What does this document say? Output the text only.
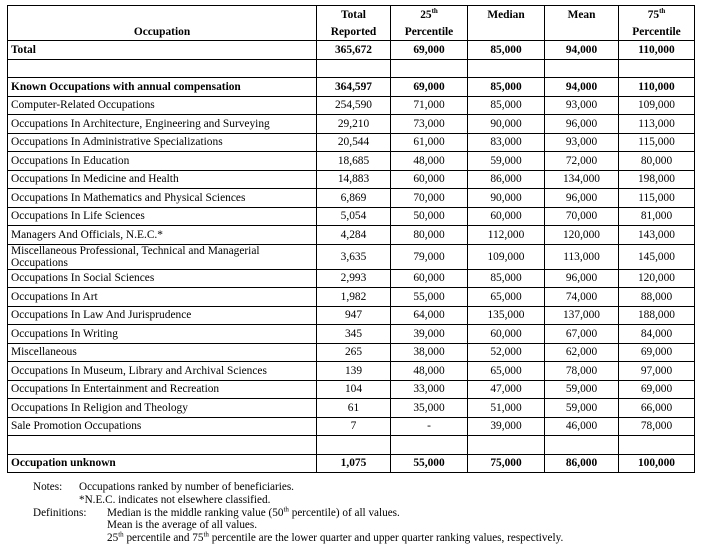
	Total	25th	Median	Mean	75th
Occupation	Reported	Percentile			Percentile
Total	365,672	69,000	85,000	94,000	110,000

Known Occupations with annual compensation	364,597	69,000	85,000	94,000	110,000
Computer-Related Occupations	254,590	71,000	85,000	93,000	109,000
Occupations In Architecture, Engineering and Surveying	29,210	73,000	90,000	96,000	113,000
Occupations In Administrative Specializations	20,544	61,000	83,000	93,000	115,000
Occupations In Education	18,685	48,000	59,000	72,000	80,000
Occupations In Medicine and Health	14,883	60,000	86,000	134,000	198,000
Occupations In Mathematics and Physical Sciences	6,869	70,000	90,000	96,000	115,000
Occupations In Life Sciences	5,054	50,000	60,000	70,000	81,000
Managers And Officials, N.E.C.*	4,284	80,000	112,000	120,000	143,000
Miscellaneous Professional, Technical and Managerial Occupations	3,635	79,000	109,000	113,000	145,000
Occupations In Social Sciences	2,993	60,000	85,000	96,000	120,000
Occupations In Art	1,982	55,000	65,000	74,000	88,000
Occupations In Law And Jurisprudence	947	64,000	135,000	137,000	188,000
Occupations In Writing	345	39,000	60,000	67,000	84,000
Miscellaneous	265	38,000	52,000	62,000	69,000
Occupations In Museum, Library and Archival Sciences	139	48,000	65,000	78,000	97,000
Occupations In Entertainment and Recreation	104	33,000	47,000	59,000	69,000
Occupations In Religion and Theology	61	35,000	51,000	59,000	66,000
Sale Promotion Occupations	7	-	39,000	46,000	78,000

Occupation unknown	1,075	55,000	75,000	86,000	100,000
Notes:	Occupations ranked by number of beneficiaries.
*N.E.C. indicates not elsewhere classified.
Definitions:	Median is the middle ranking value (50th percentile) of all values.
Mean is the average of all values.
25th percentile and 75th percentile are the lower quarter and upper quarter ranking values, respectively.
